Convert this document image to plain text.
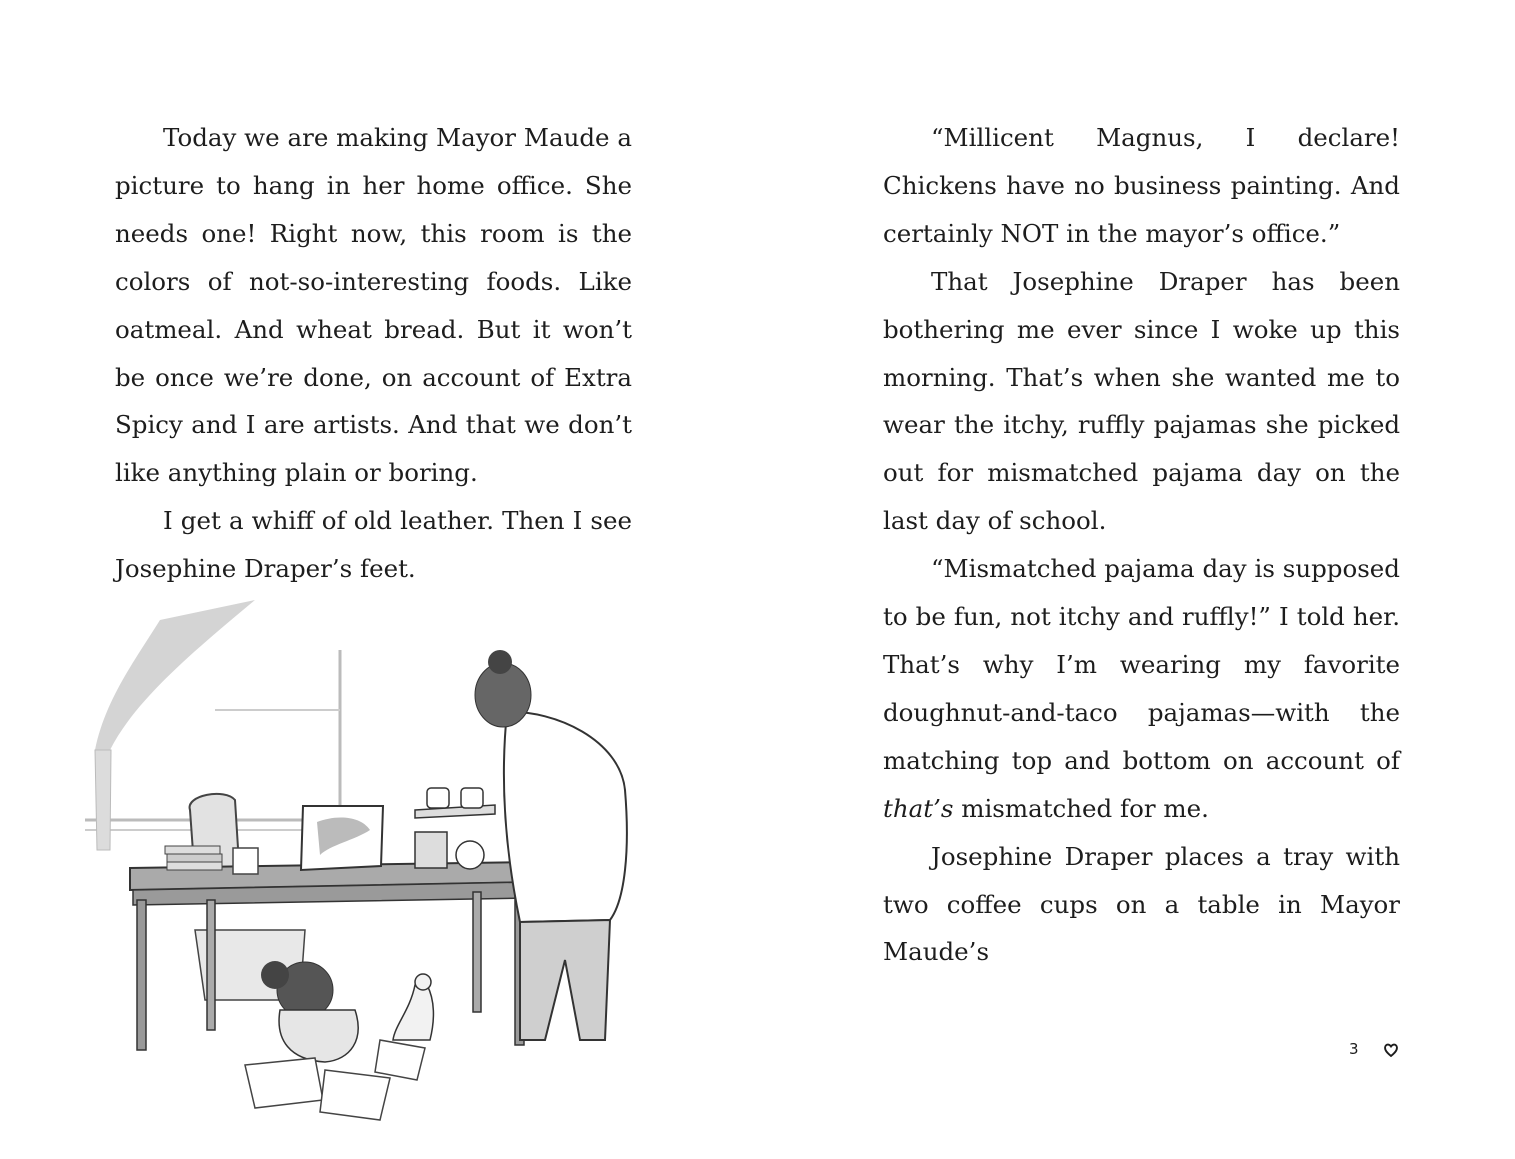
Today we are making Mayor Maude a picture to hang in her home office. She needs one! Right now, this room is the colors of not-so-interesting foods. Like oatmeal. And wheat bread. But it won’t be once we’re done, on account of Extra Spicy and I are artists. And that we don’t like anything plain or boring.

I get a whiff of old leather. Then I see Josephine Draper’s feet.

“Millicent Magnus, I declare! Chickens have no business painting. And certainly NOT in the mayor’s office.”

That Josephine Draper has been bothering me ever since I woke up this morning. That’s when she wanted me to wear the itchy, ruffly pajamas she picked out for mismatched pajama day on the last day of school.

“Mismatched pajama day is supposed to be fun, not itchy and ruffly!” I told her. That’s why I’m wearing my favorite doughnut-and-taco pajamas—with the matching top and bottom on account of that’s mismatched for me.

Josephine Draper places a tray with two coffee cups on a table in Mayor Maude’s

3
